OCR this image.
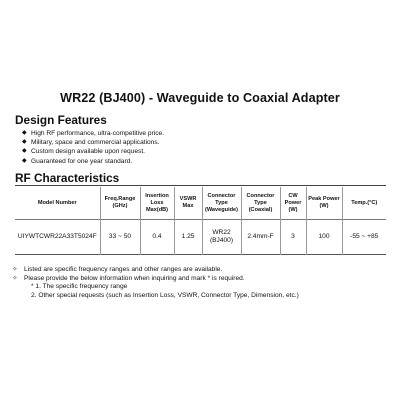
WR22 (BJ400) - Waveguide to Coaxial Adapter
Design Features
◆ High RF performance, ultra-competitive price.
◆ Military, space and commercial applications.
◆ Custom design available upon request.
◆ Guaranteed for one year standard.
RF Characteristics
Model Number	Freq.Range
(GHz)	Insertion
Loss
Max(dB)	VSWR
Max	Connector
Type
(Waveguide)	Connector
Type
(Coaxial)	CW
Power
(W)	Peak Power
(W)	Temp.(°C)
UIYWTCWR22A33T5024F	33 ~ 50	0.4	1.25	WR22
(BJ400)	2.4mm-F	3	100	-55 ~ +85
✧ Listed are specific frequency ranges and other ranges are available.
✧ Please provide the below information when inquiring and mark * is required.
* 1. The specific frequency range
2. Other special requests (such as Insertion Loss, VSWR, Connector Type, Dimension, etc.)
